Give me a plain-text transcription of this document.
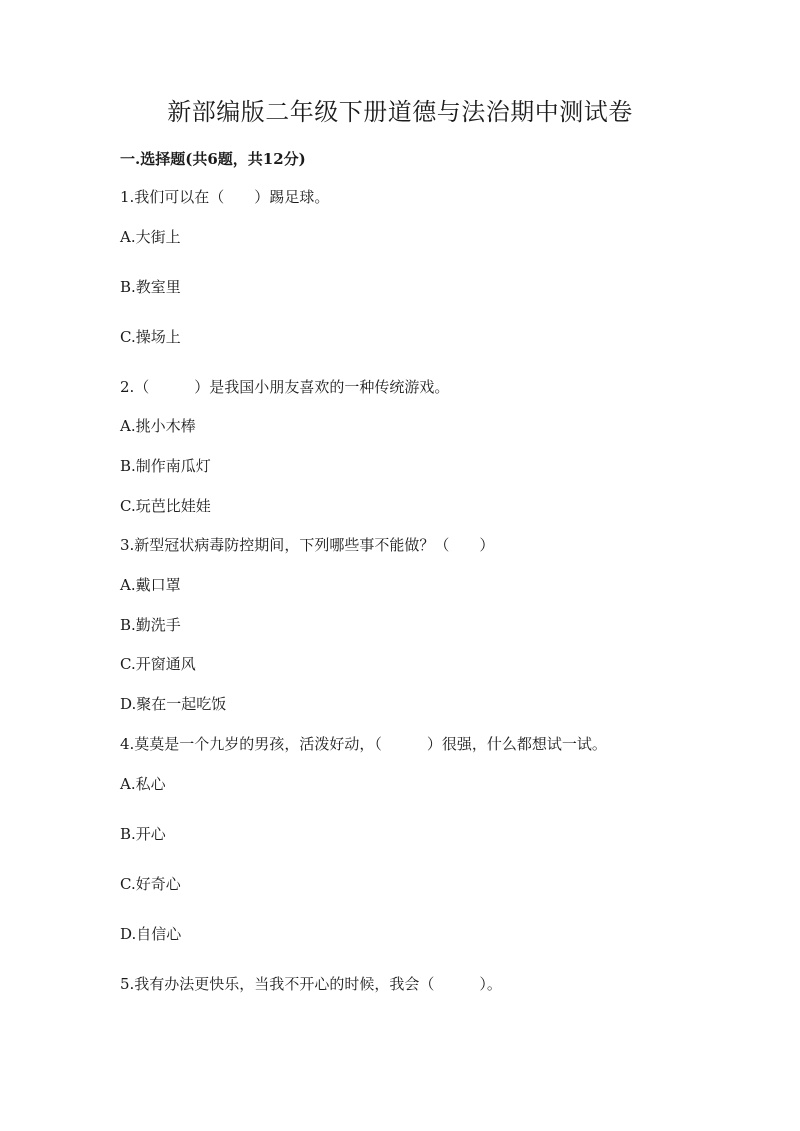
新部编版二年级下册道德与法治期中测试卷
一.选择题(共6题，共12分)
1.我们可以在（　　）踢足球。
A.大街上
B.教室里
C.操场上
2.（　　　）是我国小朋友喜欢的一种传统游戏。
A.挑小木棒
B.制作南瓜灯
C.玩芭比娃娃
3.新型冠状病毒防控期间，下列哪些事不能做？（　　）
A.戴口罩
B.勤洗手
C.开窗通风
D.聚在一起吃饭
4.莫莫是一个九岁的男孩，活泼好动，（　　　）很强，什么都想试一试。
A.私心
B.开心
C.好奇心
D.自信心
5.我有办法更快乐，当我不开心的时候，我会（　　　）。
